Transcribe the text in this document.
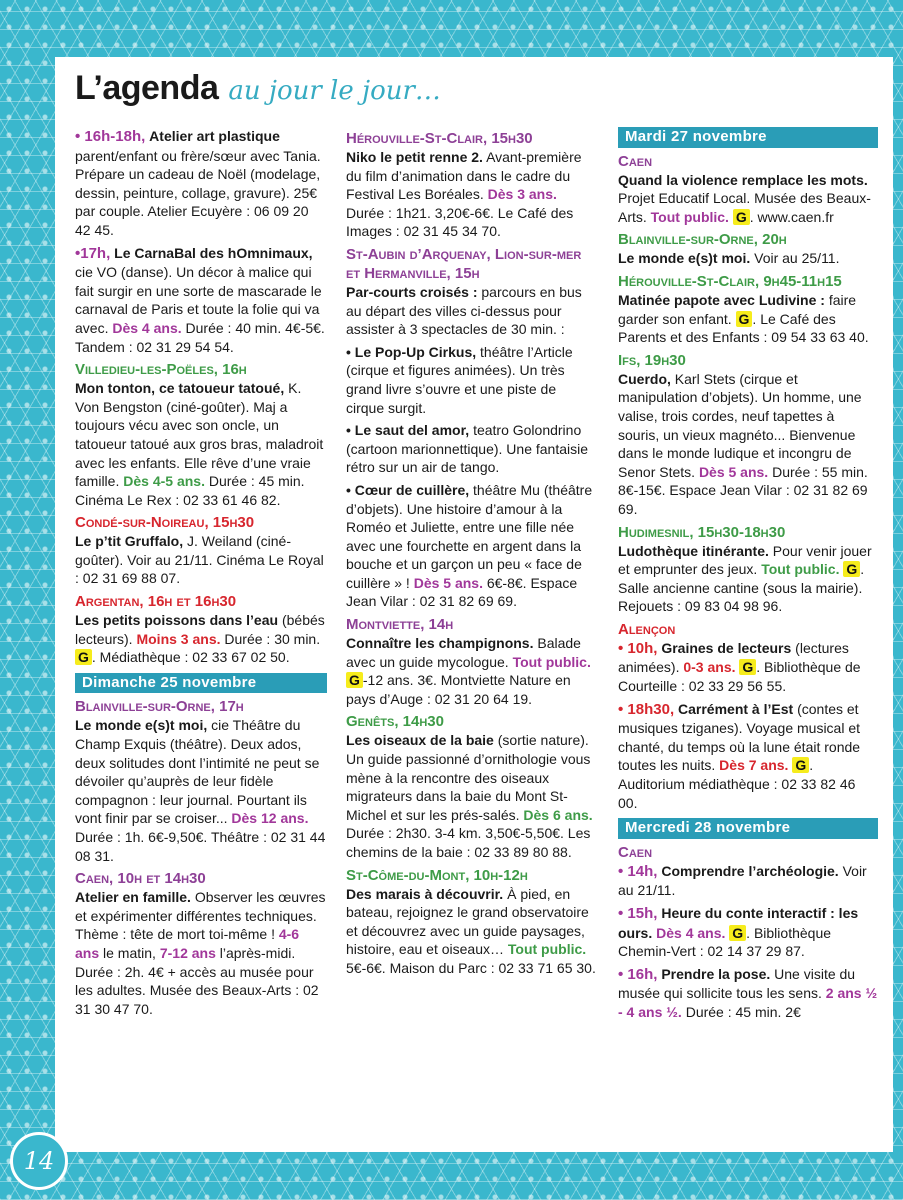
L’agenda au jour le jour…
• 16h-18h, Atelier art plastique parent/enfant ou frère/sœur avec Tania. Prépare un cadeau de Noël (modelage, dessin, peinture, collage, gravure). 25€ par couple. Atelier Ecuyère : 06 09 20 42 45.
•17h, Le CarnaBal des hOmnimaux, cie VO (danse). Un décor à malice qui fait surgir en une sorte de mascarade le carnaval de Paris et toute la folie qui va avec. Dès 4 ans. Durée : 40 min. 4€-5€. Tandem : 02 31 29 54 54.
Villedieu-les-Poëles, 16h
Mon tonton, ce tatoueur tatoué, K. Von Bengston (ciné-goûter). Maj a toujours vécu avec son oncle, un tatoueur tatoué aux gros bras, maladroit avec les enfants. Elle rêve d’une vraie famille. Dès 4-5 ans. Durée : 45 min. Cinéma Le Rex : 02 33 61 46 82.
Condé-sur-Noireau, 15h30
Le p’tit Gruffalo, J. Weiland (ciné-goûter). Voir au 21/11. Cinéma Le Royal : 02 31 69 88 07.
Argentan, 16h et 16h30
Les petits poissons dans l’eau (bébés lecteurs). Moins 3 ans. Durée : 30 min. G . Médiathèque : 02 33 67 02 50.
Dimanche 25 novembre
Blainville-sur-Orne, 17h
Le monde e(s)t moi, cie Théâtre du Champ Exquis (théâtre). Deux ados, deux solitudes dont l’intimité ne peut se dévoiler qu’auprès de leur fidèle compagnon : leur journal. Pourtant ils vont finir par se croiser... Dès 12 ans. Durée : 1h. 6€-9,50€. Théâtre : 02 31 44 08 31.
Caen, 10h et 14h30
Atelier en famille. Observer les œuvres et expérimenter différentes techniques. Thème : tête de mort toi-même ! 4-6 ans le matin, 7-12 ans l’après-midi. Durée : 2h. 4€ + accès au musée pour les adultes. Musée des Beaux-Arts : 02 31 30 47 70.
Hérouville-St-Clair, 15h30
Niko le petit renne 2. Avant-première du film d’animation dans le cadre du Festival Les Boréales. Dès 3 ans. Durée : 1h21. 3,20€-6€. Le Café des Images : 02 31 45 34 70.
St-Aubin d’Arquenay, Lion-sur-mer et Hermanville, 15h
Par-courts croisés : parcours en bus au départ des villes ci-dessus pour assister à 3 spectacles de 30 min. :
• Le Pop-Up Cirkus, théâtre l’Article (cirque et figures animées). Un très grand livre s’ouvre et une piste de cirque surgit.
• Le saut del amor, teatro Golondrino (cartoon marionnettique). Une fantaisie rétro sur un air de tango.
• Cœur de cuillère, théâtre Mu (théâtre d’objets). Une histoire d’amour à la Roméo et Juliette, entre une fille née avec une fourchette en argent dans la bouche et un garçon un peu « face de cuillère » ! Dès 5 ans. 6€-8€. Espace Jean Vilar : 02 31 82 69 69.
Montviette, 14h
Connaître les champignons. Balade avec un guide mycologue. Tout public. G -12 ans. 3€. Montviette Nature en pays d’Auge : 02 31 20 64 19.
Genêts, 14h30
Les oiseaux de la baie (sortie nature). Un guide passionné d’ornithologie vous mène à la rencontre des oiseaux migrateurs dans la baie du Mont St-Michel et sur les prés-salés. Dès 6 ans. Durée : 2h30. 3-4 km. 3,50€-5,50€. Les chemins de la baie : 02 33 89 80 88.
St-Côme-du-Mont, 10h-12h
Des marais à découvrir. À pied, en bateau, rejoignez le grand observatoire et découvrez avec un guide paysages, histoire, eau et oiseaux… Tout public. 5€-6€. Maison du Parc : 02 33 71 65 30.
Mardi 27 novembre
Caen
Quand la violence remplace les mots. Projet Educatif Local. Musée des Beaux-Arts. Tout public. G . www.caen.fr
Blainville-sur-Orne, 20h
Le monde e(s)t moi. Voir au 25/11.
Hérouville-St-Clair, 9h45-11h15
Matinée papote avec Ludivine : faire garder son enfant. G . Le Café des Parents et des Enfants : 09 54 33 63 40.
Ifs, 19h30
Cuerdo, Karl Stets (cirque et manipulation d’objets). Un homme, une valise, trois cordes, neuf tapettes à souris, un vieux magnéto... Bienvenue dans le monde ludique et incongru de Senor Stets. Dès 5 ans. Durée : 55 min. 8€-15€. Espace Jean Vilar : 02 31 82 69 69.
Hudimesnil, 15h30-18h30
Ludothèque itinérante. Pour venir jouer et emprunter des jeux. Tout public. G . Salle ancienne cantine (sous la mairie). Rejouets : 09 83 04 98 96.
Alençon
• 10h, Graines de lecteurs (lectures animées). 0-3 ans. G . Bibliothèque de Courteille : 02 33 29 56 55.
• 18h30, Carrément à l’Est (contes et musiques tziganes). Voyage musical et chanté, du temps où la lune était ronde toutes les nuits. Dès 7 ans. G . Auditorium médiathèque : 02 33 82 46 00.
Mercredi 28 novembre
Caen
• 14h, Comprendre l’archéologie. Voir au 21/11.
• 15h, Heure du conte interactif : les ours. Dès 4 ans. G . Bibliothèque Chemin-Vert : 02 14 37 29 87.
• 16h, Prendre la pose. Une visite du musée qui sollicite tous les sens. 2 ans ½ - 4 ans ½. Durée : 45 min. 2€
14
